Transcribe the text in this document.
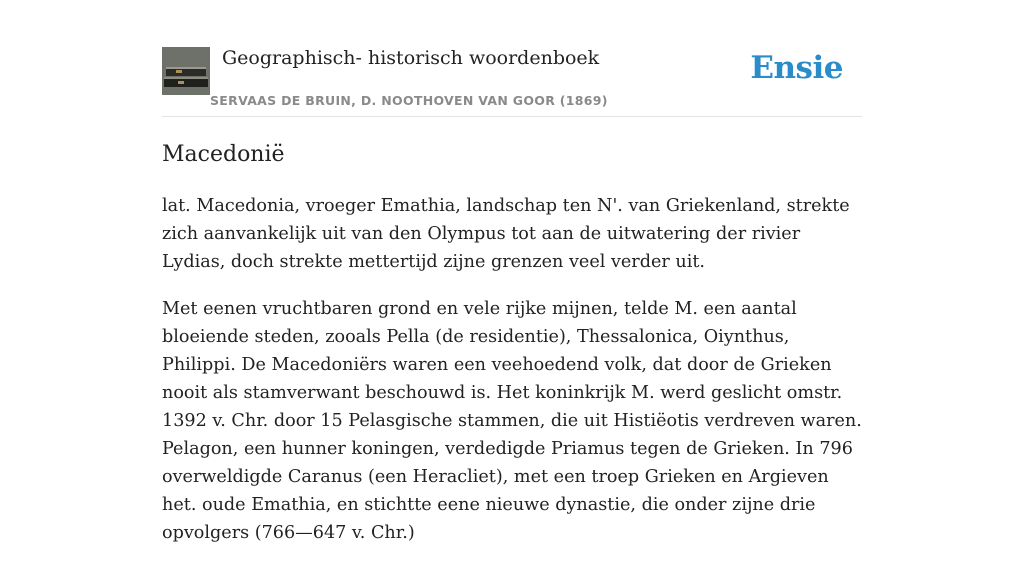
Geographisch- historisch woordenboek
SERVAAS DE BRUIN, D. NOOTHOVEN VAN GOOR (1869)
Ensie
Macedonië

lat. Macedonia, vroeger Emathia, landschap ten N'. van Griekenland, strekte zich aanvankelijk uit van den Olympus tot aan de uitwatering der rivier Lydias, doch strekte mettertijd zijne grenzen veel verder uit.

Met eenen vruchtbaren grond en vele rijke mijnen, telde M. een aantal bloeiende steden, zooals Pella (de residentie), Thessalonica, Oiynthus, Philippi. De Macedoniërs waren een veehoedend volk, dat door de Grieken nooit als stamverwant beschouwd is. Het koninkrijk M. werd geslicht omstr. 1392 v. Chr. door 15 Pelasgische stammen, die uit Histiëotis verdreven waren. Pelagon, een hunner koningen, verdedigde Priamus tegen de Grieken. In 796 overweldigde Caranus (een Heracliet), met een troep Grieken en Argieven het. oude Emathia, en stichtte eene nieuwe dynastie, die onder zijne drie opvolgers (766—647 v. Chr.)
